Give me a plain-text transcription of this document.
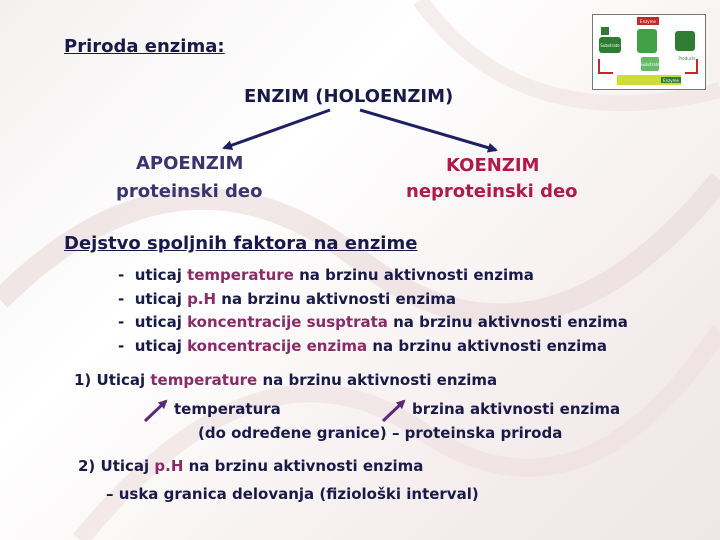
Priroda enzima:
ENZIM (HOLOENZIM)
APOENZIM
proteinski deo
KOENZIM
neproteinski deo
Dejstvo spoljnih faktora na enzime
- uticaj temperature na brzinu aktivnosti enzima
- uticaj p.H na brzinu aktivnosti enzima
- uticaj koncentracije susptrata na brzinu aktivnosti enzima
- uticaj koncentracije enzima na brzinu aktivnosti enzima
1) Uticaj temperature na brzinu aktivnosti enzima
temperatura	brzina aktivnosti enzima
(do određene granice) – proteinska priroda
2) Uticaj p.H na brzinu aktivnosti enzima
– uska granica delovanja (fiziološki interval)
Enzyme
Substrate
Substrate
Products
Enzyme
